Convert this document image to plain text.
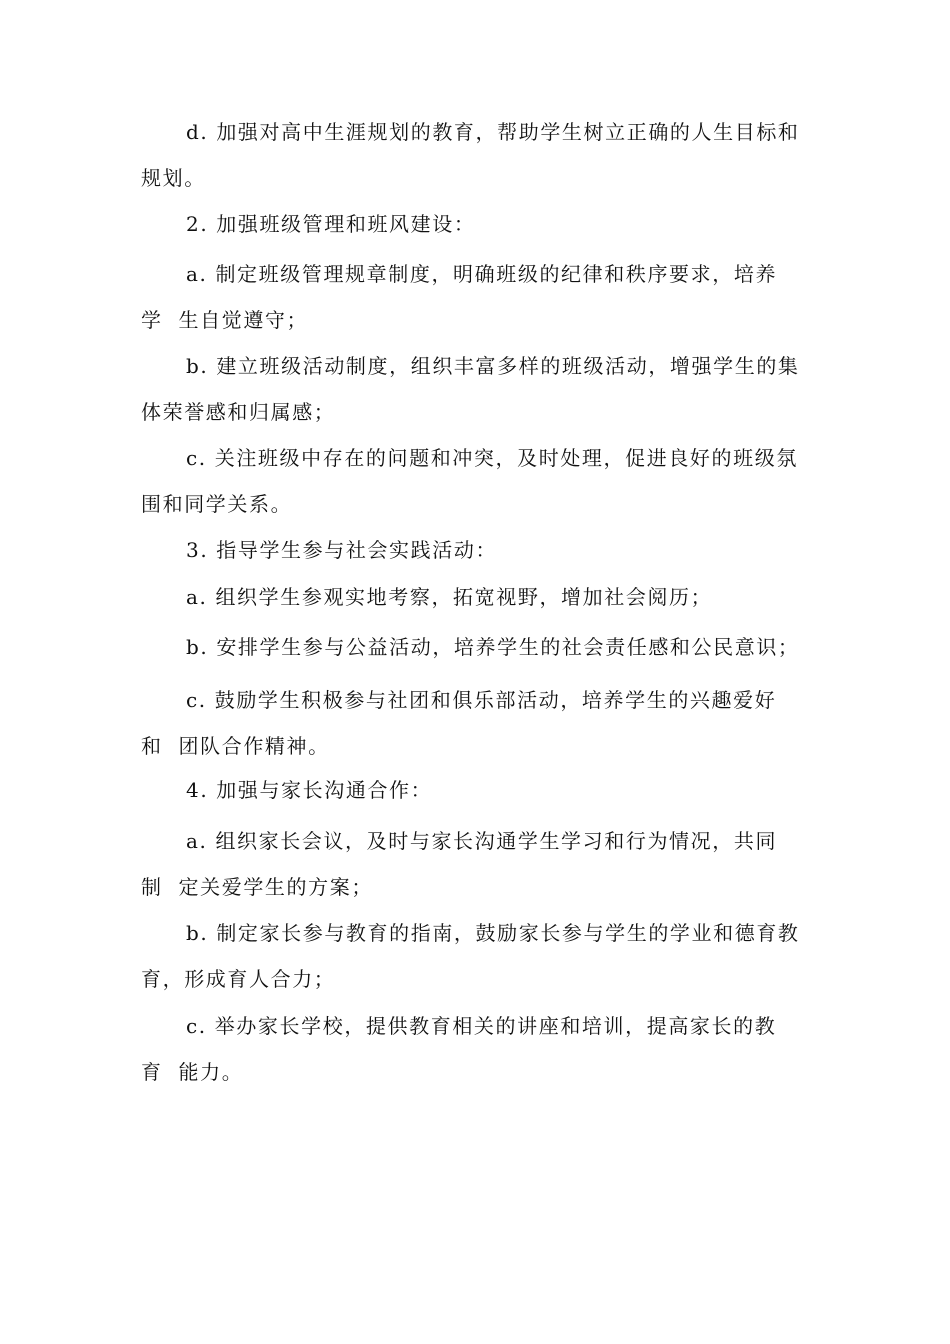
d. 加强对高中生涯规划的教育，帮助学生树立正确的人生目标和
规划。
2. 加强班级管理和班风建设：
a. 制定班级管理规章制度，明确班级的纪律和秩序要求，培养
学  生自觉遵守；
b. 建立班级活动制度，组织丰富多样的班级活动，增强学生的集
体荣誉感和归属感；
c. 关注班级中存在的问题和冲突，及时处理，促进良好的班级氛
围和同学关系。
3. 指导学生参与社会实践活动：
a. 组织学生参观实地考察，拓宽视野，增加社会阅历；
b. 安排学生参与公益活动，培养学生的社会责任感和公民意识；
c. 鼓励学生积极参与社团和俱乐部活动，培养学生的兴趣爱好
和  团队合作精神。
4. 加强与家长沟通合作：
a. 组织家长会议，及时与家长沟通学生学习和行为情况，共同
制  定关爱学生的方案；
b. 制定家长参与教育的指南，鼓励家长参与学生的学业和德育教
育，形成育人合力；
c. 举办家长学校，提供教育相关的讲座和培训，提高家长的教
育  能力。
